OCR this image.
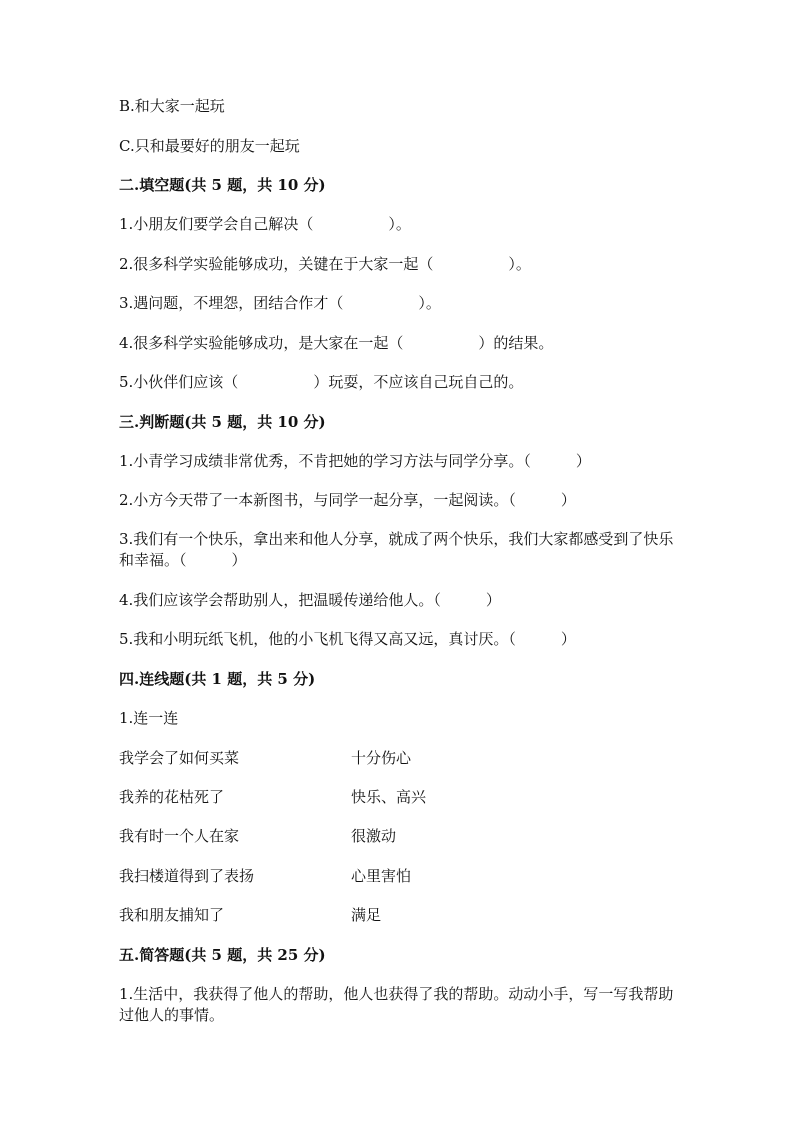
B.和大家一起玩
C.只和最要好的朋友一起玩
二.填空题(共 5 题，共 10 分)
1.小朋友们要学会自己解决（　　　　　）。
2.很多科学实验能够成功，关键在于大家一起（　　　　　）。
3.遇问题，不埋怨，团结合作才（　　　　　）。
4.很多科学实验能够成功，是大家在一起（　　　　　）的结果。
5.小伙伴们应该（　　　　　）玩耍，不应该自己玩自己的。
三.判断题(共 5 题，共 10 分)
1.小青学习成绩非常优秀，不肯把她的学习方法与同学分享。（　　　）
2.小方今天带了一本新图书，与同学一起分享，一起阅读。（　　　）
3.我们有一个快乐，拿出来和他人分享，就成了两个快乐，我们大家都感受到了快乐和幸福。（　　　）
4.我们应该学会帮助别人，把温暖传递给他人。（　　　）
5.我和小明玩纸飞机，他的小飞机飞得又高又远，真讨厌。（　　　）
四.连线题(共 1 题，共 5 分)
1.连一连
我学会了如何买菜	十分伤心
我养的花枯死了	快乐、高兴
我有时一个人在家	很激动
我扫楼道得到了表扬	心里害怕
我和朋友捕知了	满足
五.简答题(共 5 题，共 25 分)
1.生活中，我获得了他人的帮助，他人也获得了我的帮助。动动小手，写一写我帮助过他人的事情。
